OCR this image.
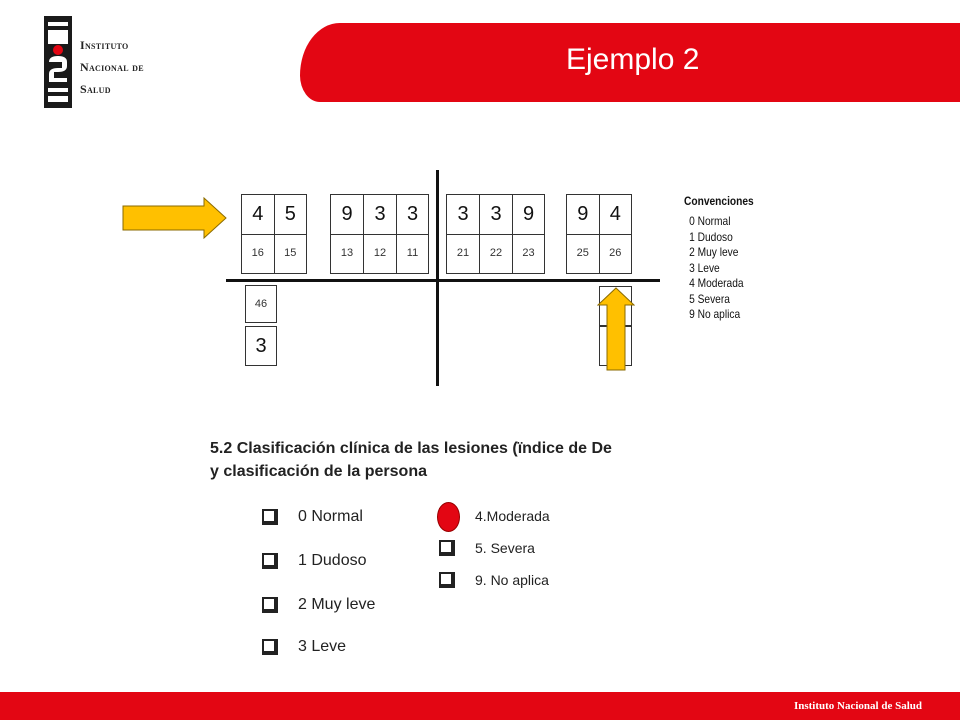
Instituto
Nacional de
Salud
Ejemplo 2
4
16
5
15
9
13
3
12
3
11
3
21
3
22
9
23
9
25
4
26
46
3
Convenciones
0 Normal
1 Dudoso
2 Muy leve
3 Leve
4 Moderada
5 Severa
9 No aplica
5.2 Clasificación clínica de las lesiones (ïndice de De
y clasificación de la persona
0 Normal
1 Dudoso
2 Muy leve
3 Leve
4.Moderada
5. Severa
9. No aplica
Instituto Nacional de Salud
